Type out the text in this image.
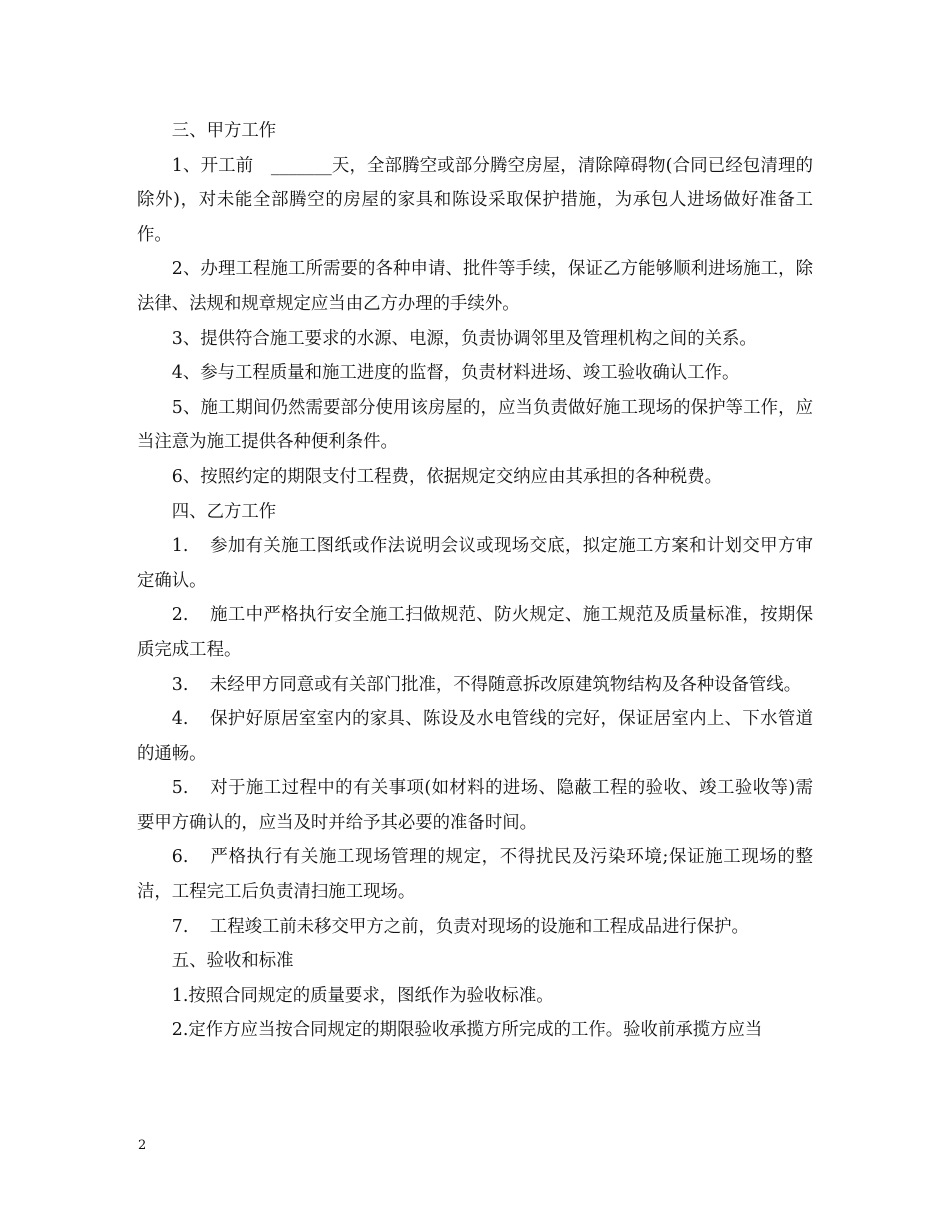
三、甲方工作

1、开工前　_______天，全部腾空或部分腾空房屋，清除障碍物(合同已经包清理的除外)，对未能全部腾空的房屋的家具和陈设采取保护措施，为承包人进场做好准备工作。

2、办理工程施工所需要的各种申请、批件等手续，保证乙方能够顺利进场施工，除法律、法规和规章规定应当由乙方办理的手续外。

3、提供符合施工要求的水源、电源，负责协调邻里及管理机构之间的关系。

4、参与工程质量和施工进度的监督，负责材料进场、竣工验收确认工作。

5、施工期间仍然需要部分使用该房屋的，应当负责做好施工现场的保护等工作，应当注意为施工提供各种便利条件。

6、按照约定的期限支付工程费，依据规定交纳应由其承担的各种税费。

四、乙方工作

1. 参加有关施工图纸或作法说明会议或现场交底，拟定施工方案和计划交甲方审定确认。

2. 施工中严格执行安全施工扫做规范、防火规定、施工规范及质量标准，按期保质完成工程。

3. 未经甲方同意或有关部门批准，不得随意拆改原建筑物结构及各种设备管线。

4. 保护好原居室室内的家具、陈设及水电管线的完好，保证居室内上、下水管道的通畅。

5. 对于施工过程中的有关事项(如材料的进场、隐蔽工程的验收、竣工验收等)需要甲方确认的，应当及时并给予其必要的准备时间。

6. 严格执行有关施工现场管理的规定，不得扰民及污染环境;保证施工现场的整洁，工程完工后负责清扫施工现场。

7. 工程竣工前未移交甲方之前，负责对现场的设施和工程成品进行保护。

五、验收和标准

1.按照合同规定的质量要求，图纸作为验收标准。

2.定作方应当按合同规定的期限验收承揽方所完成的工作。验收前承揽方应当

2
